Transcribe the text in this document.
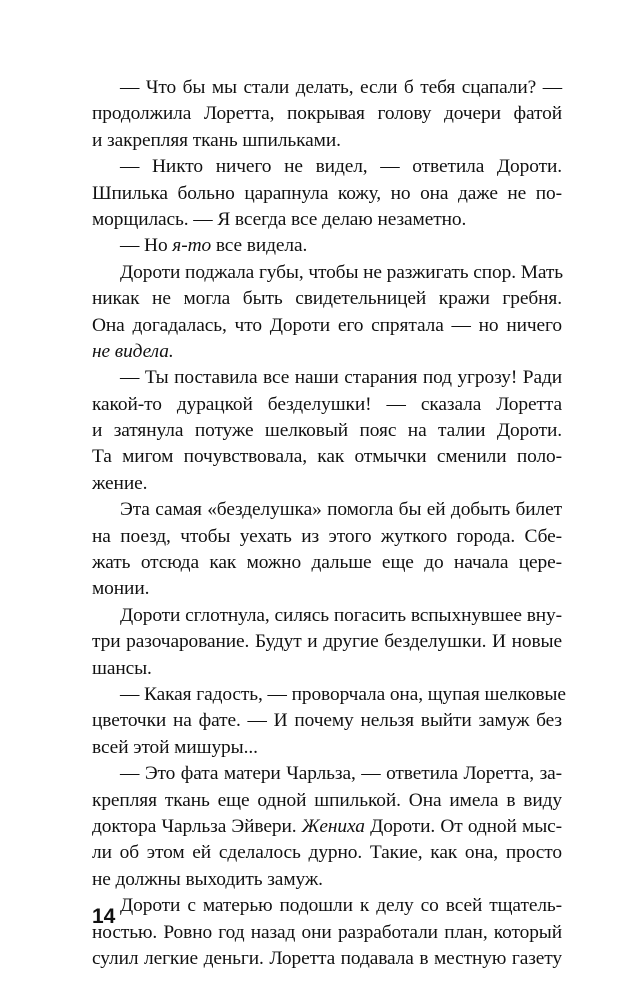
— Что бы мы стали делать, если б тебя сцапали? —
продолжила Лоретта, покрывая голову дочери фатой
и закрепляя ткань шпильками.
— Никто ничего не видел, — ответила Дороти.
Шпилька больно царапнула кожу, но она даже не по-
морщилась. — Я всегда все делаю незаметно.
— Но я-то все видела.
Дороти поджала губы, чтобы не разжигать спор. Мать
никак не могла быть свидетельницей кражи гребня.
Она догадалась, что Дороти его спрятала — но ничего
не видела.
— Ты поставила все наши старания под угрозу! Ради
какой-то дурацкой безделушки! — сказала Лоретта
и затянула потуже шелковый пояс на талии Дороти.
Та мигом почувствовала, как отмычки сменили поло-
жение.
Эта самая «безделушка» помогла бы ей добыть билет
на поезд, чтобы уехать из этого жуткого города. Сбе-
жать отсюда как можно дальше еще до начала цере-
монии.
Дороти сглотнула, силясь погасить вспыхнувшее вну-
три разочарование. Будут и другие безделушки. И новые
шансы.
— Какая гадость, — проворчала она, щупая шелковые
цветочки на фате. — И почему нельзя выйти замуж без
всей этой мишуры...
— Это фата матери Чарльза, — ответила Лоретта, за-
крепляя ткань еще одной шпилькой. Она имела в виду
доктора Чарльза Эйвери. Жениха Дороти. От одной мыс-
ли об этом ей сделалось дурно. Такие, как она, просто
не должны выходить замуж.
Дороти с матерью подошли к делу со всей тщатель-
ностью. Ровно год назад они разработали план, который
сулил легкие деньги. Лоретта подавала в местную газету
14
